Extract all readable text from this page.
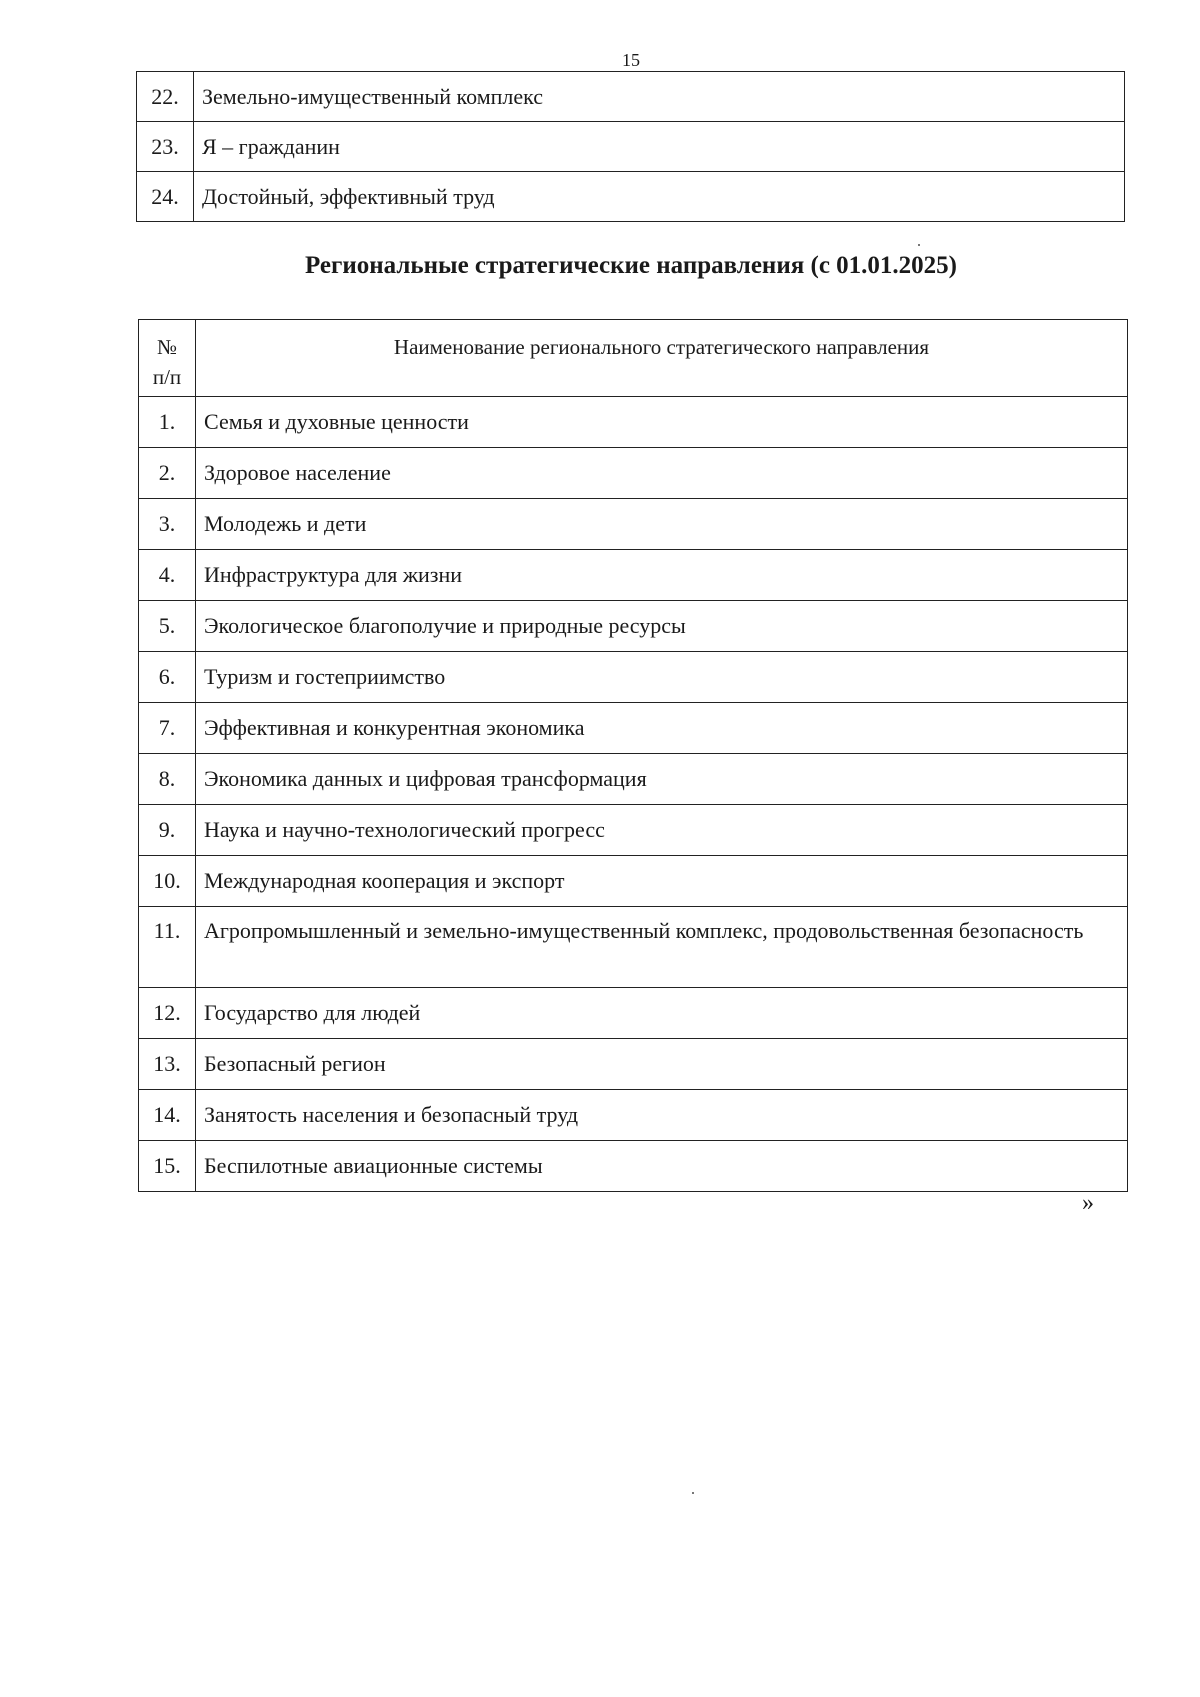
15
22.	Земельно-имущественный комплекс
23.	Я – гражданин
24.	Достойный, эффективный труд
Региональные стратегические направления (с 01.01.2025)
№
п/п	Наименование регионального стратегического направления
1.	Семья и духовные ценности
2.	Здоровое население
3.	Молодежь и дети
4.	Инфраструктура для жизни
5.	Экологическое благополучие и природные ресурсы
6.	Туризм и гостеприимство
7.	Эффективная и конкурентная экономика
8.	Экономика данных и цифровая трансформация
9.	Наука и научно-технологический прогресс
10.	Международная кооперация и экспорт
11.	Агропромышленный и земельно-имущественный комплекс, продовольственная безопасность
12.	Государство для людей
13.	Безопасный регион
14.	Занятость населения и безопасный труд
15.	Беспилотные авиационные системы
»
